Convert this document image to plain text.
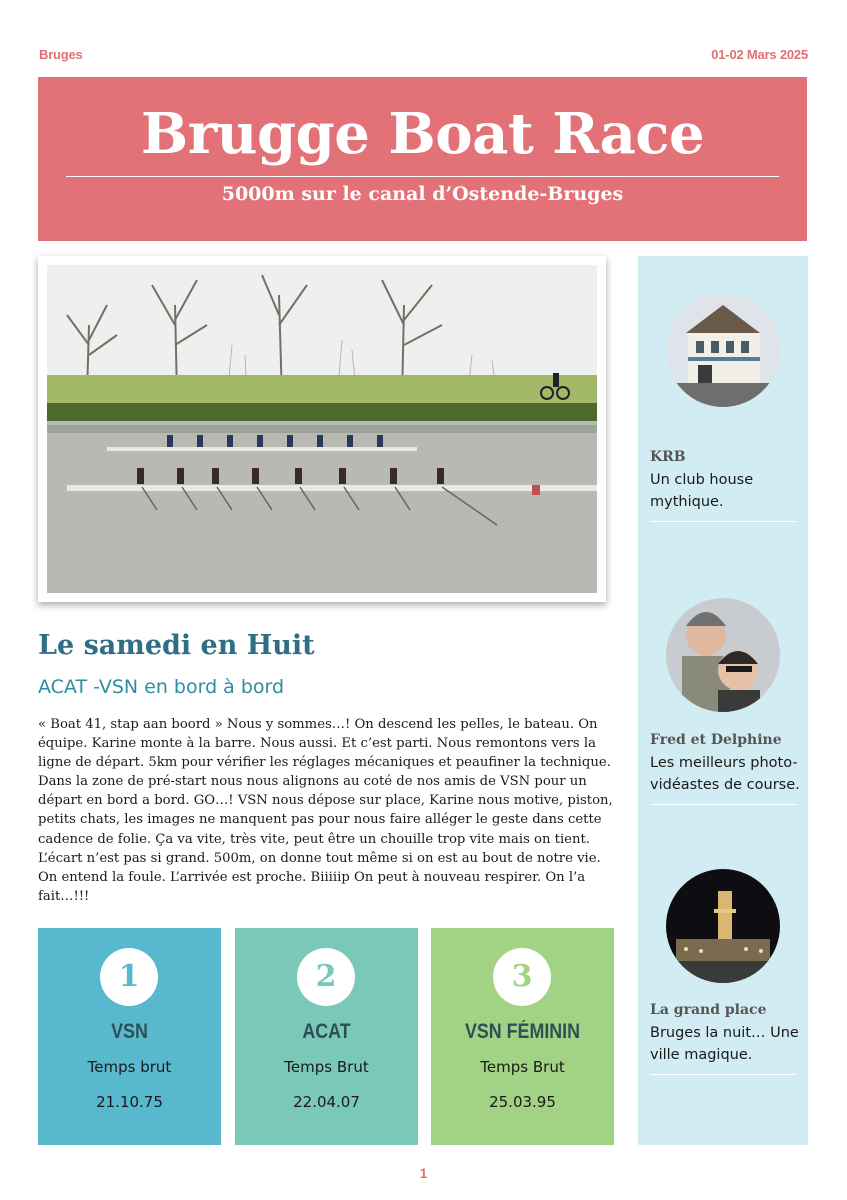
Bruges	01-02 Mars 2025
Brugge Boat Race
5000m sur le canal d’Ostende-Bruges
Le samedi en Huit
ACAT -VSN en bord à bord
« Boat 41, stap aan boord » Nous y sommes…! On descend les pelles, le bateau. On équipe. Karine monte à la barre. Nous aussi. Et c’est parti. Nous remontons vers la ligne de départ. 5km pour vérifier les réglages mécaniques et peaufiner la technique. Dans la zone de pré-start nous nous alignons au coté de nos amis de VSN pour un départ en bord a bord. GO…! VSN nous dépose sur place, Karine nous motive, piston, petits chats, les images ne manquent pas pour nous faire alléger le geste dans cette cadence de folie. Ça va vite, très vite, peut être un chouille trop vite mais on tient. L’écart n’est pas si grand. 500m, on donne tout même si on est au bout de notre vie. On entend la foule. L’arrivée est proche. Biiiiip On peut à nouveau respirer. On l’a fait…!!!
1
VSN
Temps brut
21.10.75
2
ACAT
Temps Brut
22.04.07
3
VSN FÉMININ
Temps Brut
25.03.95
KRB
Un club house mythique.
Fred et Delphine
Les meilleurs photo-vidéastes de course.
La grand place
Bruges la nuit… Une ville magique.
1
